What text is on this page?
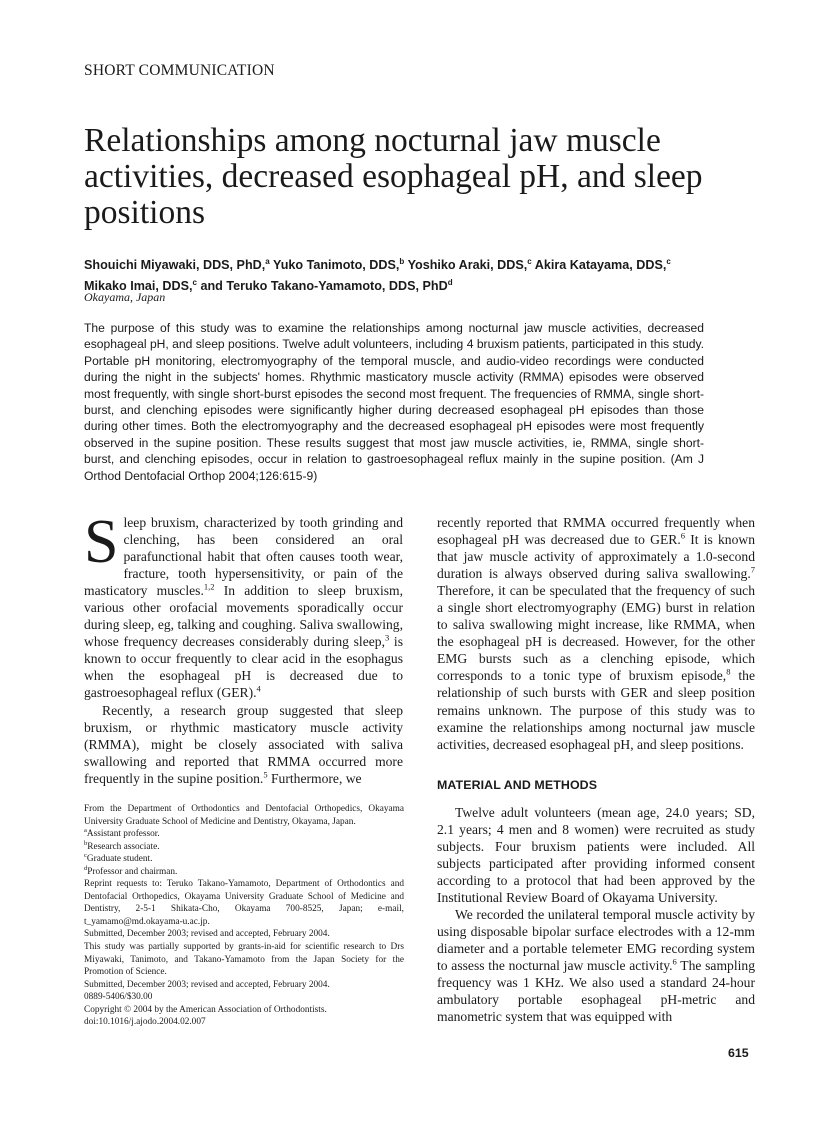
SHORT COMMUNICATION
Relationships among nocturnal jaw muscle activities, decreased esophageal pH, and sleep positions
Shouichi Miyawaki, DDS, PhD,$^a$ Yuko Tanimoto, DDS,$^b$ Yoshiko Araki, DDS,$^c$ Akira Katayama, DDS,$^c$
Mikako Imai, DDS,$^c$ and Teruko Takano-Yamamoto, DDS, PhD$^d$
Okayama, Japan

The purpose of this study was to examine the relationships among nocturnal jaw muscle activities, decreased esophageal pH, and sleep positions. Twelve adult volunteers, including 4 bruxism patients, participated in this study. Portable pH monitoring, electromyography of the temporal muscle, and audio-video recordings were conducted during the night in the subjects' homes. Rhythmic masticatory muscle activity (RMMA) episodes were observed most frequently, with single short-burst episodes the second most frequent. The frequencies of RMMA, single short-burst, and clenching episodes were significantly higher during decreased esophageal pH episodes than those during other times. Both the electromyography and the decreased esophageal pH episodes were most frequently observed in the supine position. These results suggest that most jaw muscle activities, ie, RMMA, single short-burst, and clenching episodes, occur in relation to gastroesophageal reflux mainly in the supine position. (Am J Orthod Dentofacial Orthop 2004;126:615-9)

Sleep bruxism, characterized by tooth grinding and clenching, has been considered an oral parafunctional habit that often causes tooth wear, fracture, tooth hypersensitivity, or pain of the masticatory muscles.$^{1,2}$ In addition to sleep bruxism, various other orofacial movements sporadically occur during sleep, eg, talking and coughing. Saliva swallowing, whose frequency decreases considerably during sleep,$^3$ is known to occur frequently to clear acid in the esophagus when the esophageal pH is decreased due to gastroesophageal reflux (GER).$^4$

Recently, a research group suggested that sleep bruxism, or rhythmic masticatory muscle activity (RMMA), might be closely associated with saliva swallowing and reported that RMMA occurred more frequently in the supine position.$^5$ Furthermore, we

recently reported that RMMA occurred frequently when esophageal pH was decreased due to GER.$^6$ It is known that jaw muscle activity of approximately a 1.0-second duration is always observed during saliva swallowing.$^7$ Therefore, it can be speculated that the frequency of such a single short electromyography (EMG) burst in relation to saliva swallowing might increase, like RMMA, when the esophageal pH is decreased. However, for the other EMG bursts such as a clenching episode, which corresponds to a tonic type of bruxism episode,$^8$ the relationship of such bursts with GER and sleep position remains unknown. The purpose of this study was to examine the relationships among nocturnal jaw muscle activities, decreased esophageal pH, and sleep positions.

MATERIAL AND METHODS

Twelve adult volunteers (mean age, 24.0 years; SD, 2.1 years; 4 men and 8 women) were recruited as study subjects. Four bruxism patients were included. All subjects participated after providing informed consent according to a protocol that had been approved by the Institutional Review Board of Okayama University.

We recorded the unilateral temporal muscle activity by using disposable bipolar surface electrodes with a 12-mm diameter and a portable telemeter EMG recording system to assess the nocturnal jaw muscle activity.$^6$ The sampling frequency was 1 KHz. We also used a standard 24-hour ambulatory portable esophageal pH-metric and manometric system that was equipped with

From the Department of Orthodontics and Dentofacial Orthopedics, Okayama University Graduate School of Medicine and Dentistry, Okayama, Japan.

$^a$Assistant professor.

$^b$Research associate.

$^c$Graduate student.

$^d$Professor and chairman.

Reprint requests to: Teruko Takano-Yamamoto, Department of Orthodontics and Dentofacial Orthopedics, Okayama University Graduate School of Medicine and Dentistry, 2-5-1 Shikata-Cho, Okayama 700-8525, Japan; e-mail, t_yamamo@md.okayama-u.ac.jp.

Submitted, December 2003; revised and accepted, February 2004.

This study was partially supported by grants-in-aid for scientific research to Drs Miyawaki, Tanimoto, and Takano-Yamamoto from the Japan Society for the Promotion of Science.

Submitted, December 2003; revised and accepted, February 2004.

0889-5406/$30.00

Copyright © 2004 by the American Association of Orthodontists.

doi:10.1016/j.ajodo.2004.02.007

615
